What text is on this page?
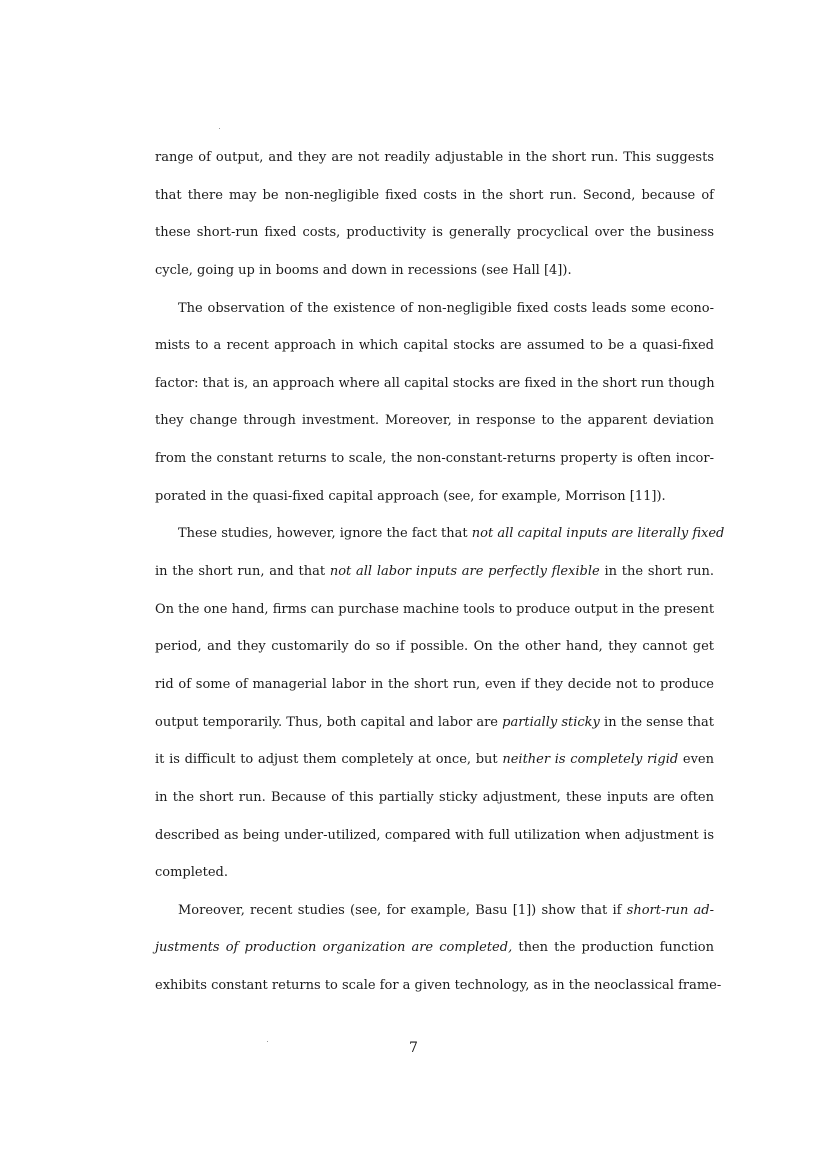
range of output, and they are not readily adjustable in the short run. This suggests
that there may be non-negligible fixed costs in the short run. Second, because of
these short-run fixed costs, productivity is generally procyclical over the business
cycle, going up in booms and down in recessions (see Hall [4]).
The observation of the existence of non-negligible fixed costs leads some econo-
mists to a recent approach in which capital stocks are assumed to be a quasi-fixed
factor: that is, an approach where all capital stocks are fixed in the short run though
they change through investment. Moreover, in response to the apparent deviation
from the constant returns to scale, the non-constant-returns property is often incor-
porated in the quasi-fixed capital approach (see, for example, Morrison [11]).
These studies, however, ignore the fact that not all capital inputs are literally fixed
in the short run, and that not all labor inputs are perfectly flexible in the short run.
On the one hand, firms can purchase machine tools to produce output in the present
period, and they customarily do so if possible. On the other hand, they cannot get
rid of some of managerial labor in the short run, even if they decide not to produce
output temporarily. Thus, both capital and labor are partially sticky in the sense that
it is difficult to adjust them completely at once, but neither is completely rigid even
in the short run. Because of this partially sticky adjustment, these inputs are often
described as being under-utilized, compared with full utilization when adjustment is
completed.
Moreover, recent studies (see, for example, Basu [1]) show that if short-run ad-
justments of production organization are completed, then the production function
exhibits constant returns to scale for a given technology, as in the neoclassical frame-
7
